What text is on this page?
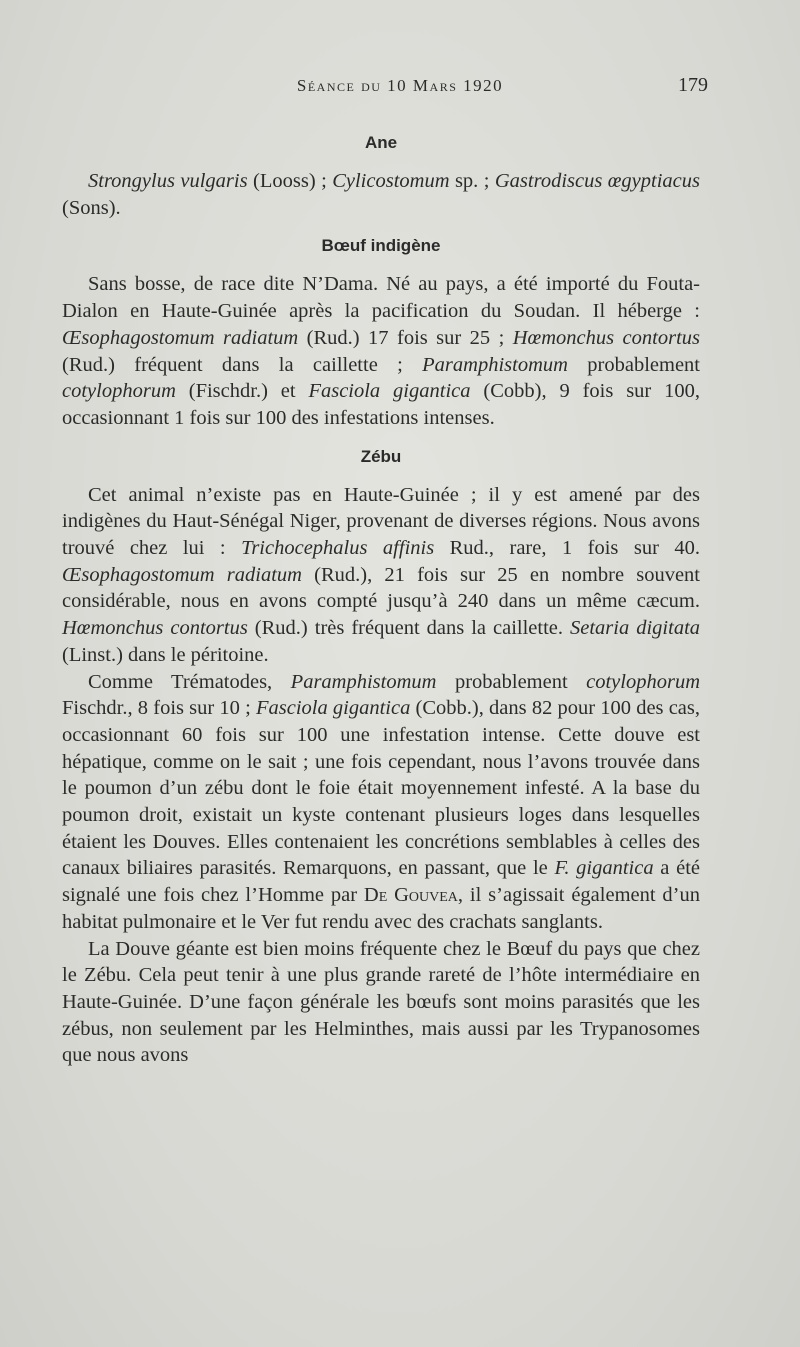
Séance du 10 Mars 1920	179
Ane

Strongylus vulgaris (Looss) ; Cylicostomum sp. ; Gastrodiscus œgyptiacus (Sons).

Bœuf indigène

Sans bosse, de race dite N’Dama. Né au pays, a été importé du Fouta-Dialon en Haute-Guinée après la pacification du Soudan. Il héberge : Œsophagostomum radiatum (Rud.) 17 fois sur 25 ; Hœmonchus contortus (Rud.) fréquent dans la caillette ; Paramphistomum probablement cotylophorum (Fischdr.) et Fasciola gigantica (Cobb), 9 fois sur 100, occasionnant 1 fois sur 100 des infestations intenses.

Zébu

Cet animal n’existe pas en Haute-Guinée ; il y est amené par des indigènes du Haut-Sénégal Niger, provenant de diverses régions. Nous avons trouvé chez lui : Trichocephalus affinis Rud., rare, 1 fois sur 40. Œsophagostomum radiatum (Rud.), 21 fois sur 25 en nombre souvent considérable, nous en avons compté jusqu’à 240 dans un même cæcum. Hœmonchus contortus (Rud.) très fréquent dans la caillette. Setaria digitata (Linst.) dans le péritoine.

Comme Trématodes, Paramphistomum probablement cotylophorum Fischdr., 8 fois sur 10 ; Fasciola gigantica (Cobb.), dans 82 pour 100 des cas, occasionnant 60 fois sur 100 une infestation intense. Cette douve est hépatique, comme on le sait ; une fois cependant, nous l’avons trouvée dans le poumon d’un zébu dont le foie était moyennement infesté. A la base du poumon droit, existait un kyste contenant plusieurs loges dans lesquelles étaient les Douves. Elles contenaient les concrétions semblables à celles des canaux biliaires parasités. Remarquons, en passant, que le F. gigantica a été signalé une fois chez l’Homme par De Gouvea, il s’agissait également d’un habitat pulmonaire et le Ver fut rendu avec des crachats sanglants.

La Douve géante est bien moins fréquente chez le Bœuf du pays que chez le Zébu. Cela peut tenir à une plus grande rareté de l’hôte intermédiaire en Haute-Guinée. D’une façon générale les bœufs sont moins parasités que les zébus, non seulement par les Helminthes, mais aussi par les Trypanosomes que nous avons
